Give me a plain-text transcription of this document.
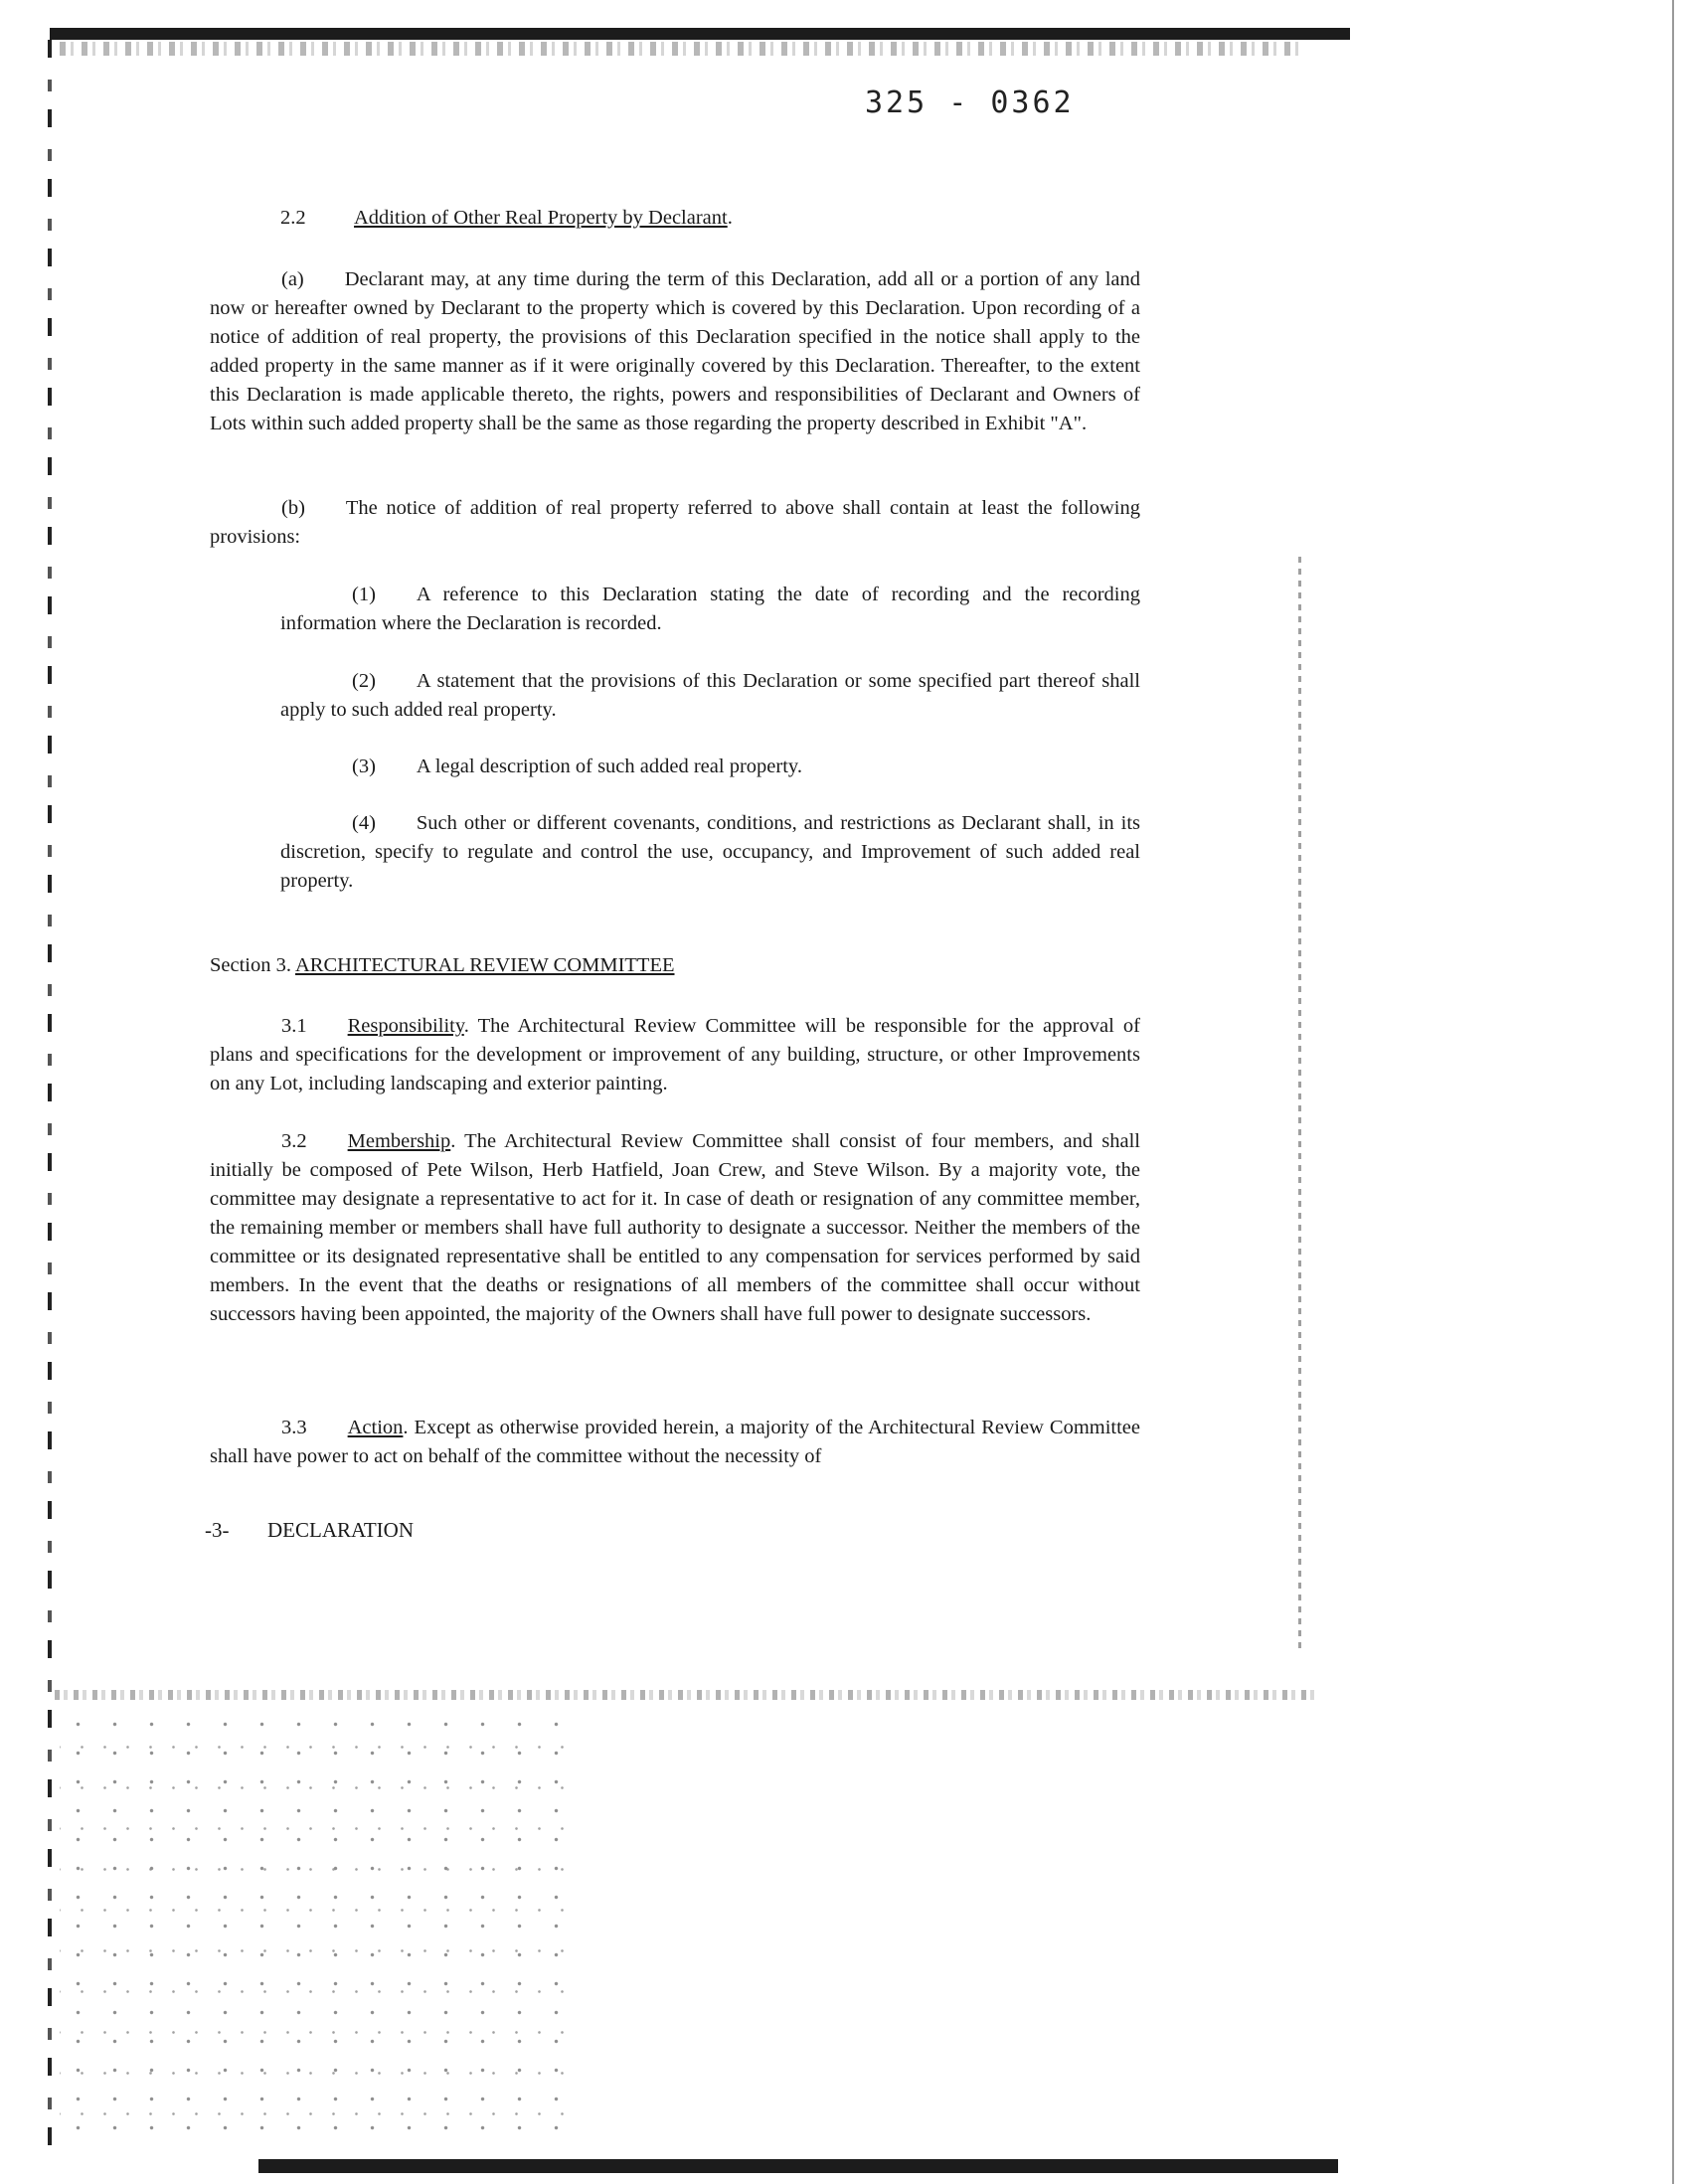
325 - 0362
2.2 Addition of Other Real Property by Declarant.
(a)  Declarant may, at any time during the term of this Declaration, add all or a portion of any land now or hereafter owned by Declarant to the property which is covered by this Declaration. Upon recording of a notice of addition of real property, the provisions of this Declaration specified in the notice shall apply to the added property in the same manner as if it were originally covered by this Declaration. Thereafter, to the extent this Declaration is made applicable thereto, the rights, powers and responsibilities of Declarant and Owners of Lots within such added property shall be the same as those regarding the property described in Exhibit "A".
(b)  The notice of addition of real property referred to above shall contain at least the following provisions:
(1)  A reference to this Declaration stating the date of recording and the recording information where the Declaration is recorded.
(2)  A statement that the provisions of this Declaration or some specified part thereof shall apply to such added real property.
(3)  A legal description of such added real property.
(4)  Such other or different covenants, conditions, and restrictions as Declarant shall, in its discretion, specify to regulate and control the use, occupancy, and Improvement of such added real property.
Section 3. ARCHITECTURAL REVIEW COMMITTEE
3.1   Responsibility. The Architectural Review Committee will be responsible for the approval of plans and specifications for the development or improvement of any building, structure, or other Improvements on any Lot, including landscaping and exterior painting.
3.2   Membership. The Architectural Review Committee shall consist of four members, and shall initially be composed of Pete Wilson, Herb Hatfield, Joan Crew, and Steve Wilson. By a majority vote, the committee may designate a representative to act for it. In case of death or resignation of any committee member, the remaining member or members shall have full authority to designate a successor. Neither the members of the committee or its designated representative shall be entitled to any compensation for services performed by said members. In the event that the deaths or resignations of all members of the committee shall occur without successors having been appointed, the majority of the Owners shall have full power to designate successors.
3.3   Action. Except as otherwise provided herein, a majority of the Architectural Review Committee shall have power to act on behalf of the committee without the necessity of
-3- DECLARATION
